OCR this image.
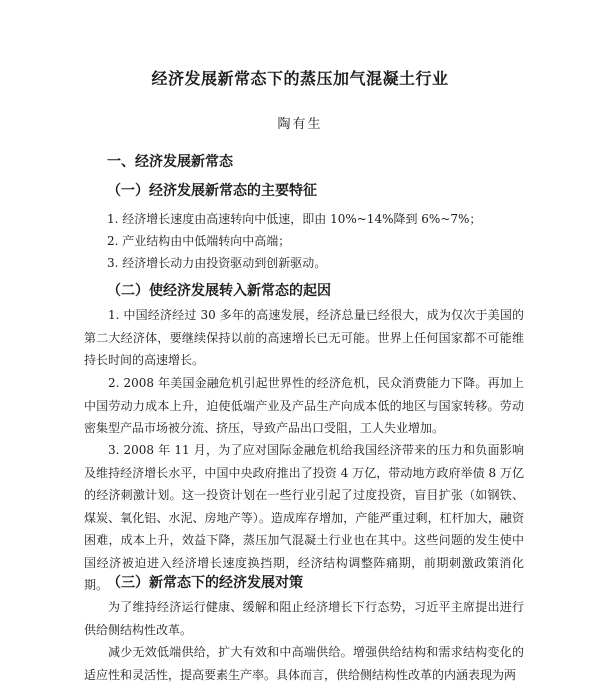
经济发展新常态下的蒸压加气混凝土行业
陶有生
一、经济发展新常态
（一）经济发展新常态的主要特征
1. 经济增长速度由高速转向中低速，即由 10%~14%降到 6%~7%；
2. 产业结构由中低端转向中高端；
3. 经济增长动力由投资驱动到创新驱动。
（二）使经济发展转入新常态的起因

1. 中国经济经过 30 多年的高速发展，经济总量已经很大，成为仅次于美国的第二大经济体，要继续保持以前的高速增长已无可能。世界上任何国家都不可能维持长时间的高速增长。

2. 2008 年美国金融危机引起世界性的经济危机，民众消费能力下降。再加上中国劳动力成本上升，迫使低端产业及产品生产向成本低的地区与国家转移。劳动密集型产品市场被分流、挤压，导致产品出口受阻，工人失业增加。

3. 2008 年 11 月，为了应对国际金融危机给我国经济带来的压力和负面影响及维持经济增长水平，中国中央政府推出了投资 4 万亿，带动地方政府举债 8 万亿的经济刺激计划。这一投资计划在一些行业引起了过度投资，盲目扩张（如钢铁、煤炭、氧化铝、水泥、房地产等）。造成库存增加，产能严重过剩，杠杆加大，融资困难，成本上升，效益下降，蒸压加气混凝土行业也在其中。这些问题的发生使中国经济被迫进入经济增长速度换挡期，经济结构调整阵痛期，前期刺激政策消化期。

（三）新常态下的经济发展对策

为了维持经济运行健康、缓解和阻止经济增长下行态势，习近平主席提出进行供给侧结构性改革。

减少无效低端供给，扩大有效和中高端供给。增强供给结构和需求结构变化的适应性和灵活性，提高要素生产率。具体而言，供给侧结构性改革的内涵表现为两
